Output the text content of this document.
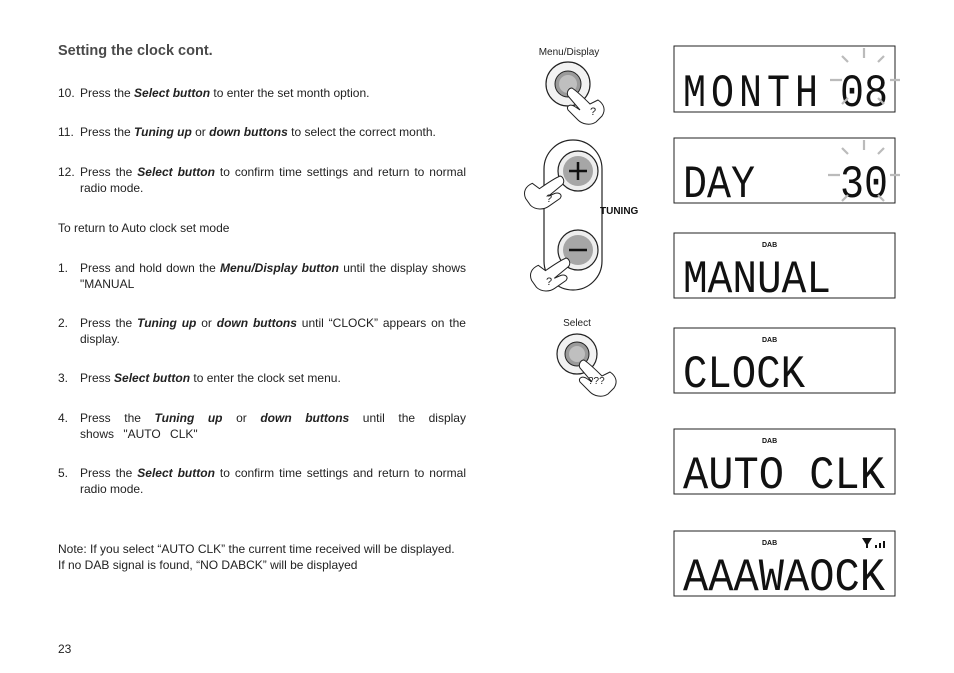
Setting the clock cont.
10. Press the Select button to enter the set month option.
11. Press the Tuning up or down buttons to select the correct month.
12. Press the Select button to confirm time settings and return to normal radio mode.
To return to Auto clock set mode
1. Press and hold down the Menu/Display button until the display shows "MANUAL
2. Press the Tuning up or down buttons until “CLOCK” appears on the display.
3. Press Select button to enter the clock set menu.
4. Press the Tuning up or down buttons until the display shows "AUTO CLK"
5. Press the Select button to confirm time settings and return to normal radio mode.
Note: If you select “AUTO CLK” the current time received will be displayed.
If no DAB signal is found, “NO DABCK” will be displayed
23
Menu/Display
?
TUNING
?
?
Select
???
DAB
DAB
DAB
DAB
MONTH 08
DAY 30
MANUAL
CLOCK
AUTO CLK
AAAWAOCK
